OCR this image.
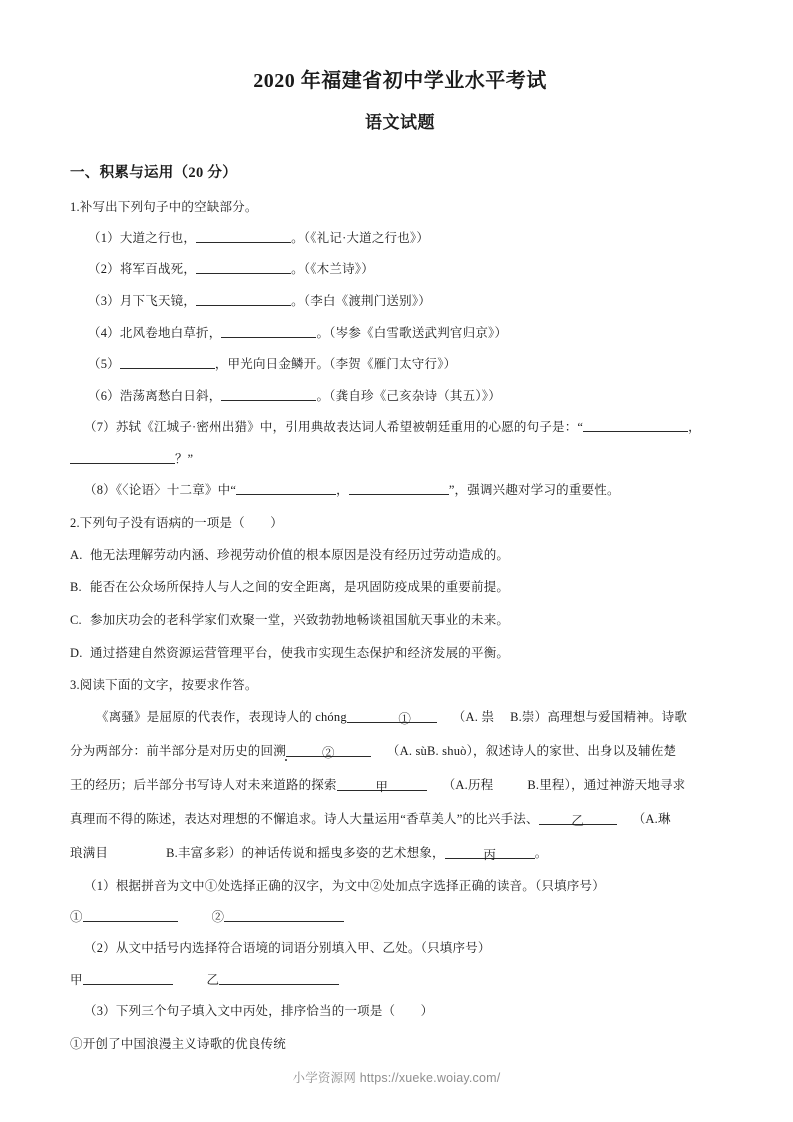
2020 年福建省初中学业水平考试
语文试题
一、积累与运用（20 分）
1.补写出下列句子中的空缺部分。
（1）大道之行也，	。（《礼记·大道之行也》）
（2）将军百战死，	。（《木兰诗》）
（3）月下飞天镜，	。（李白《渡荆门送别》）
（4）北风卷地白草折，	。（岑参《白雪歌送武判官归京》）
（5）	，甲光向日金鳞开。（李贺《雁门太守行》）
（6）浩荡离愁白日斜，	。（龚自珍《己亥杂诗（其五）》）
（7）苏轼《江城子·密州出猎》中，引用典故表达词人希望被朝廷重用的心愿的句子是：“	，
？”
（8）《〈论语〉十二章》中“	，	”，强调兴趣对学习的重要性。
2.下列句子没有语病的一项是（　　）
A. 他无法理解劳动内涵、珍视劳动价值的根本原因是没有经历过劳动造成的。
B. 能否在公众场所保持人与人之间的安全距离，是巩固防疫成果的重要前提。
C. 参加庆功会的老科学家们欢聚一堂，兴致勃勃地畅谈祖国航天事业的未来。
D. 通过搭建自然资源运营管理平台，使我市实现生态保护和经济发展的平衡。
3.阅读下面的文字，按要求作答。
《离骚》是屈原的代表作，表现诗人的 chóng	①	（A. 祟 B.崇）高理想与爱国精神。诗歌
分为两部分：前半部分是对历史的回溯	②	（A. sùB. shuò），叙述诗人的家世、出身以及辅佐楚
王的经历；后半部分书写诗人对未来道路的探索	甲	（A.历程	B.里程），通过神游天地寻求
真理而不得的陈述，表达对理想的不懈追求。诗人大量运用“香草美人”的比兴手法、	乙	（A.琳
琅满目	B.丰富多彩）的神话传说和摇曳多姿的艺术想象，	丙	。
（1）根据拼音为文中①处选择正确的汉字，为文中②处加点字选择正确的读音。（只填序号）
①	②
（2）从文中括号内选择符合语境的词语分别填入甲、乙处。（只填序号）
甲	乙
（3）下列三个句子填入文中丙处，排序恰当的一项是（　　）
①开创了中国浪漫主义诗歌的优良传统
小学资源网 https://xueke.woiay.com/
